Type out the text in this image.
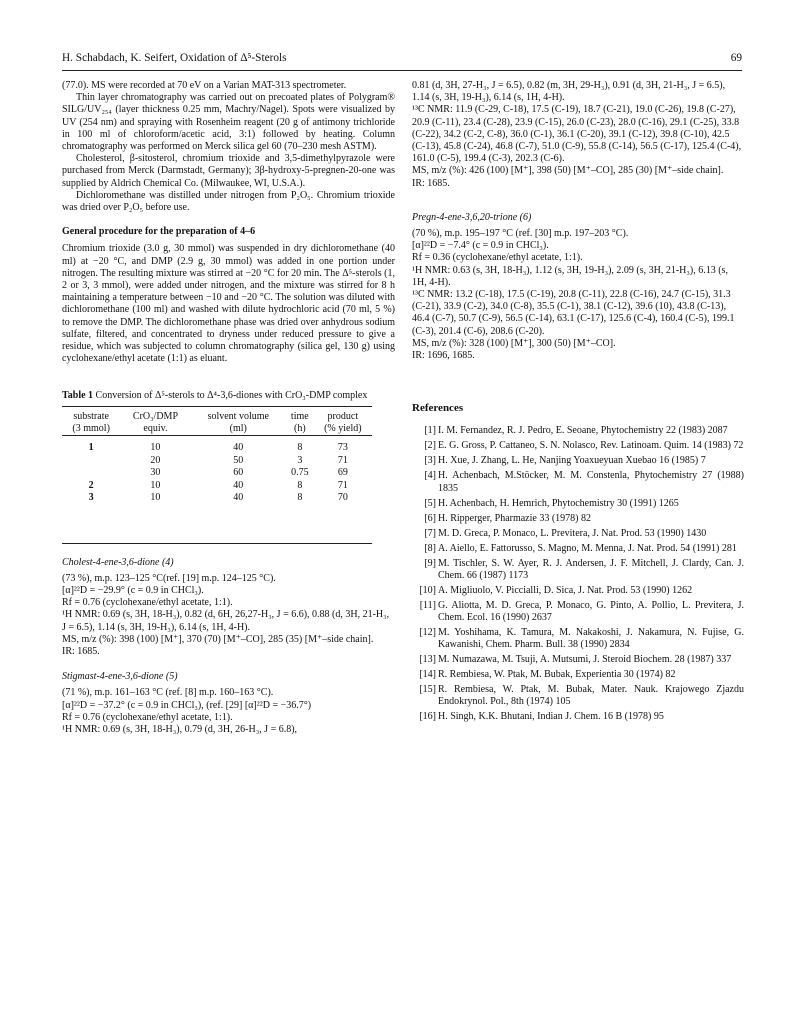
H. Schabdach, K. Seifert, Oxidation of Δ⁵-Sterols	69

(77.0). MS were recorded at 70 eV on a Varian MAT-313 spectrometer.

Thin layer chromatography was carried out on precoated plates of Polygram® SILG/UV₂₅₄ (layer thickness 0.25 mm, Machry/Nagel). Spots were visualized by UV (254 nm) and spraying with Rosenheim reagent (20 g of antimony trichloride in 100 ml of chloroform/acetic acid, 3:1) followed by heating. Column chromatography was performed on Merck silica gel 60 (70–230 mesh ASTM).

Cholesterol, β-sitosterol, chromium trioxide and 3,5-dimethylpyrazole were purchased from Merck (Darmstadt, Germany); 3β-hydroxy-5-pregnen-20-one was supplied by Aldrich Chemical Co. (Milwaukee, WI, U.S.A.).

Dichloromethane was distilled under nitrogen from P₂O₅. Chromium trioxide was dried over P₂O₅ before use.

General procedure for the preparation of 4–6

Chromium trioxide (3.0 g, 30 mmol) was suspended in dry dichloromethane (40 ml) at −20 °C, and DMP (2.9 g, 30 mmol) was added in one portion under nitrogen. The resulting mixture was stirred at −20 °C for 20 min. The Δ⁵-sterols (1, 2 or 3, 3 mmol), were added under nitrogen, and the mixture was stirred for 8 h maintaining a temperature between −10 and −20 °C. The solution was diluted with dichloromethane (100 ml) and washed with dilute hydrochloric acid (70 ml, 5 %) to remove the DMP. The dichloromethane phase was dried over anhydrous sodium sulfate, filtered, and concentrated to dryness under reduced pressure to give a residue, which was subjected to column chromatography (silica gel, 130 g) using cyclohexane/ethyl acetate (1:1) as eluant.

Table 1 Conversion of Δ⁵-sterols to Δ⁴-3,6-diones with CrO₃-DMP complex

substrate	CrO₃/DMP	solvent volume	time	product
(3 mmol)	equiv.	(ml)	(h)	(% yield)

1	10	40	8	73
	20	50	3	71
	30	60	0.75	69
2	10	40	8	71
3	10	40	8	70

Cholest-4-ene-3,6-dione (4)

(73 %), m.p. 123–125 °C(ref. [19] m.p. 124–125 °C).

[α]²²D = −29.9° (c = 0.9 in CHCl₃).

Rf = 0.76 (cyclohexane/ethyl acetate, 1:1).

¹H NMR: 0.69 (s, 3H, 18-H₃), 0.82 (d, 6H, 26,27-H₃, J = 6.6), 0.88 (d, 3H, 21-H₃, J = 6.5), 1.14 (s, 3H, 19-H₃), 6.14 (s, 1H, 4-H).

MS, m/z (%): 398 (100) [M⁺], 370 (70) [M⁺–CO], 285 (35) [M⁺–side chain].

IR: 1685.

Stigmast-4-ene-3,6-dione (5)

(71 %), m.p. 161–163 °C (ref. [8] m.p. 160–163 °C).

[α]²²D = −37.2° (c = 0.9 in CHCl₃), (ref. [29] [α]²²D = −36.7°)

Rf = 0.76 (cyclohexane/ethyl acetate, 1:1).

¹H NMR: 0.69 (s, 3H, 18-H₃), 0.79 (d, 3H, 26-H₃, J = 6.8),

0.81 (d, 3H, 27-H₃, J = 6.5), 0.82 (m, 3H, 29-H₃), 0.91 (d, 3H, 21-H₃, J = 6.5), 1.14 (s, 3H, 19-H₃), 6.14 (s, 1H, 4-H).

¹³C NMR: 11.9 (C-29, C-18), 17.5 (C-19), 18.7 (C-21), 19.0 (C-26), 19.8 (C-27), 20.9 (C-11), 23.4 (C-28), 23.9 (C-15), 26.0 (C-23), 28.0 (C-16), 29.1 (C-25), 33.8 (C-22), 34.2 (C-2, C-8), 36.0 (C-1), 36.1 (C-20), 39.1 (C-12), 39.8 (C-10), 42.5 (C-13), 45.8 (C-24), 46.8 (C-7), 51.0 (C-9), 55.8 (C-14), 56.5 (C-17), 125.4 (C-4), 161.0 (C-5), 199.4 (C-3), 202.3 (C-6).

MS, m/z (%): 426 (100) [M⁺], 398 (50) [M⁺–CO], 285 (30) [M⁺–side chain].

IR: 1685.

Pregn-4-ene-3,6,20-trione (6)

(70 %), m.p. 195–197 °C (ref. [30] m.p. 197–203 °C).

[α]²²D = −7.4° (c = 0.9 in CHCl₃).

Rf = 0.36 (cyclohexane/ethyl acetate, 1:1).

¹H NMR: 0.63 (s, 3H, 18-H₃), 1.12 (s, 3H, 19-H₃), 2.09 (s, 3H, 21-H₃), 6.13 (s, 1H, 4-H).

¹³C NMR: 13.2 (C-18), 17.5 (C-19), 20.8 (C-11), 22.8 (C-16), 24.7 (C-15), 31.3 (C-21), 33.9 (C-2), 34.0 (C-8), 35.5 (C-1), 38.1 (C-12), 39.6 (10), 43.8 (C-13), 46.4 (C-7), 50.7 (C-9), 56.5 (C-14), 63.1 (C-17), 125.6 (C-4), 160.4 (C-5), 199.1 (C-3), 201.4 (C-6), 208.6 (C-20).

MS, m/z (%): 328 (100) [M⁺], 300 (50) [M⁺–CO].

IR: 1696, 1685.

References
[1] I. M. Fernandez, R. J. Pedro, E. Seoane, Phytochemistry 22 (1983) 2087
[2] E. G. Gross, P. Cattaneo, S. N. Nolasco, Rev. Latinoam. Quim. 14 (1983) 72
[3] H. Xue, J. Zhang, L. He, Nanjing Yoaxueyuan Xuebao 16 (1985) 7
[4] H. Achenbach, M.Stöcker, M. M. Constenla, Phytochemistry 27 (1988) 1835
[5] H. Achenbach, H. Hemrich, Phytochemistry 30 (1991) 1265
[6] H. Ripperger, Pharmazie 33 (1978) 82
[7] M. D. Greca, P. Monaco, L. Previtera, J. Nat. Prod. 53 (1990) 1430
[8] A. Aiello, E. Fattorusso, S. Magno, M. Menna, J. Nat. Prod. 54 (1991) 281
[9] M. Tischler, S. W. Ayer, R. J. Andersen, J. F. Mitchell, J. Clardy, Can. J. Chem. 66 (1987) 1173
[10] A. Migliuolo, V. Piccialli, D. Sica, J. Nat. Prod. 53 (1990) 1262
[11] G. Aliotta, M. D. Greca, P. Monaco, G. Pinto, A. Pollio, L. Previtera, J. Chem. Ecol. 16 (1990) 2637
[12] M. Yoshihama, K. Tamura, M. Nakakoshi, J. Nakamura, N. Fujise, G. Kawanishi, Chem. Pharm. Bull. 38 (1990) 2834
[13] M. Numazawa, M. Tsuji, A. Mutsumi, J. Steroid Biochem. 28 (1987) 337
[14] R. Rembiesa, W. Ptak, M. Bubak, Experientia 30 (1974) 82
[15] R. Rembiesa, W. Ptak, M. Bubak, Mater. Nauk. Krajowego Zjazdu Endokrynol. Pol., 8th (1974) 105
[16] H. Singh, K.K. Bhutani, Indian J. Chem. 16 B (1978) 95
